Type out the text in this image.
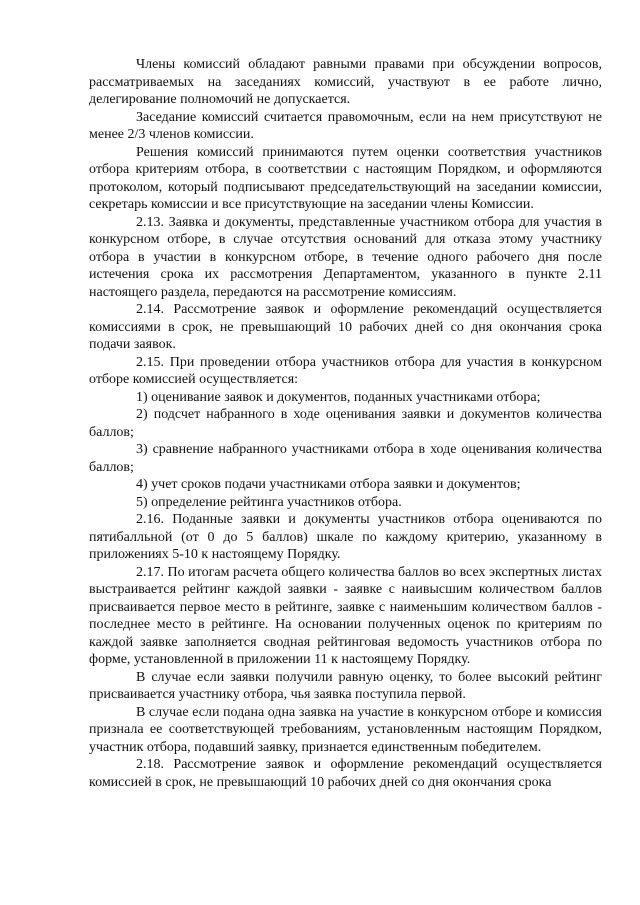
Члены комиссий обладают равными правами при обсуждении вопросов, рассматриваемых на заседаниях комиссий, участвуют в ее работе лично, делегирование полномочий не допускается.

Заседание комиссий считается правомочным, если на нем присутствуют не менее 2/3 членов комиссии.

Решения комиссий принимаются путем оценки соответствия участников отбора критериям отбора, в соответствии с настоящим Порядком, и оформляются протоколом, который подписывают председательствующий на заседании комиссии, секретарь комиссии и все присутствующие на заседании члены Комиссии.

2.13. Заявка и документы, представленные участником отбора для участия в конкурсном отборе, в случае отсутствия оснований для отказа этому участнику отбора в участии в конкурсном отборе, в течение одного рабочего дня после истечения срока их рассмотрения Департаментом, указанного в пункте 2.11 настоящего раздела, передаются на рассмотрение комиссиям.

2.14. Рассмотрение заявок и оформление рекомендаций осуществляется комиссиями в срок, не превышающий 10 рабочих дней со дня окончания срока подачи заявок.

2.15. При проведении отбора участников отбора для участия в конкурсном отборе комиссией осуществляется:

1) оценивание заявок и документов, поданных участниками отбора;

2) подсчет набранного в ходе оценивания заявки и документов количества баллов;

3) сравнение набранного участниками отбора в ходе оценивания количества баллов;

4) учет сроков подачи участниками отбора заявки и документов;

5) определение рейтинга участников отбора.

2.16. Поданные заявки и документы участников отбора оцениваются по пятибалльной (от 0 до 5 баллов) шкале по каждому критерию, указанному в приложениях 5-10 к настоящему Порядку.

2.17. По итогам расчета общего количества баллов во всех экспертных листах выстраивается рейтинг каждой заявки - заявке с наивысшим количеством баллов присваивается первое место в рейтинге, заявке с наименьшим количеством баллов - последнее место в рейтинге. На основании полученных оценок по критериям по каждой заявке заполняется сводная рейтинговая ведомость участников отбора по форме, установленной в приложении 11 к настоящему Порядку.

В случае если заявки получили равную оценку, то более высокий рейтинг присваивается участнику отбора, чья заявка поступила первой.

В случае если подана одна заявка на участие в конкурсном отборе и комиссия признала ее соответствующей требованиям, установленным настоящим Порядком, участник отбора, подавший заявку, признается единственным победителем.

2.18. Рассмотрение заявок и оформление рекомендаций осуществляется комиссией в срок, не превышающий 10 рабочих дней со дня окончания срока
